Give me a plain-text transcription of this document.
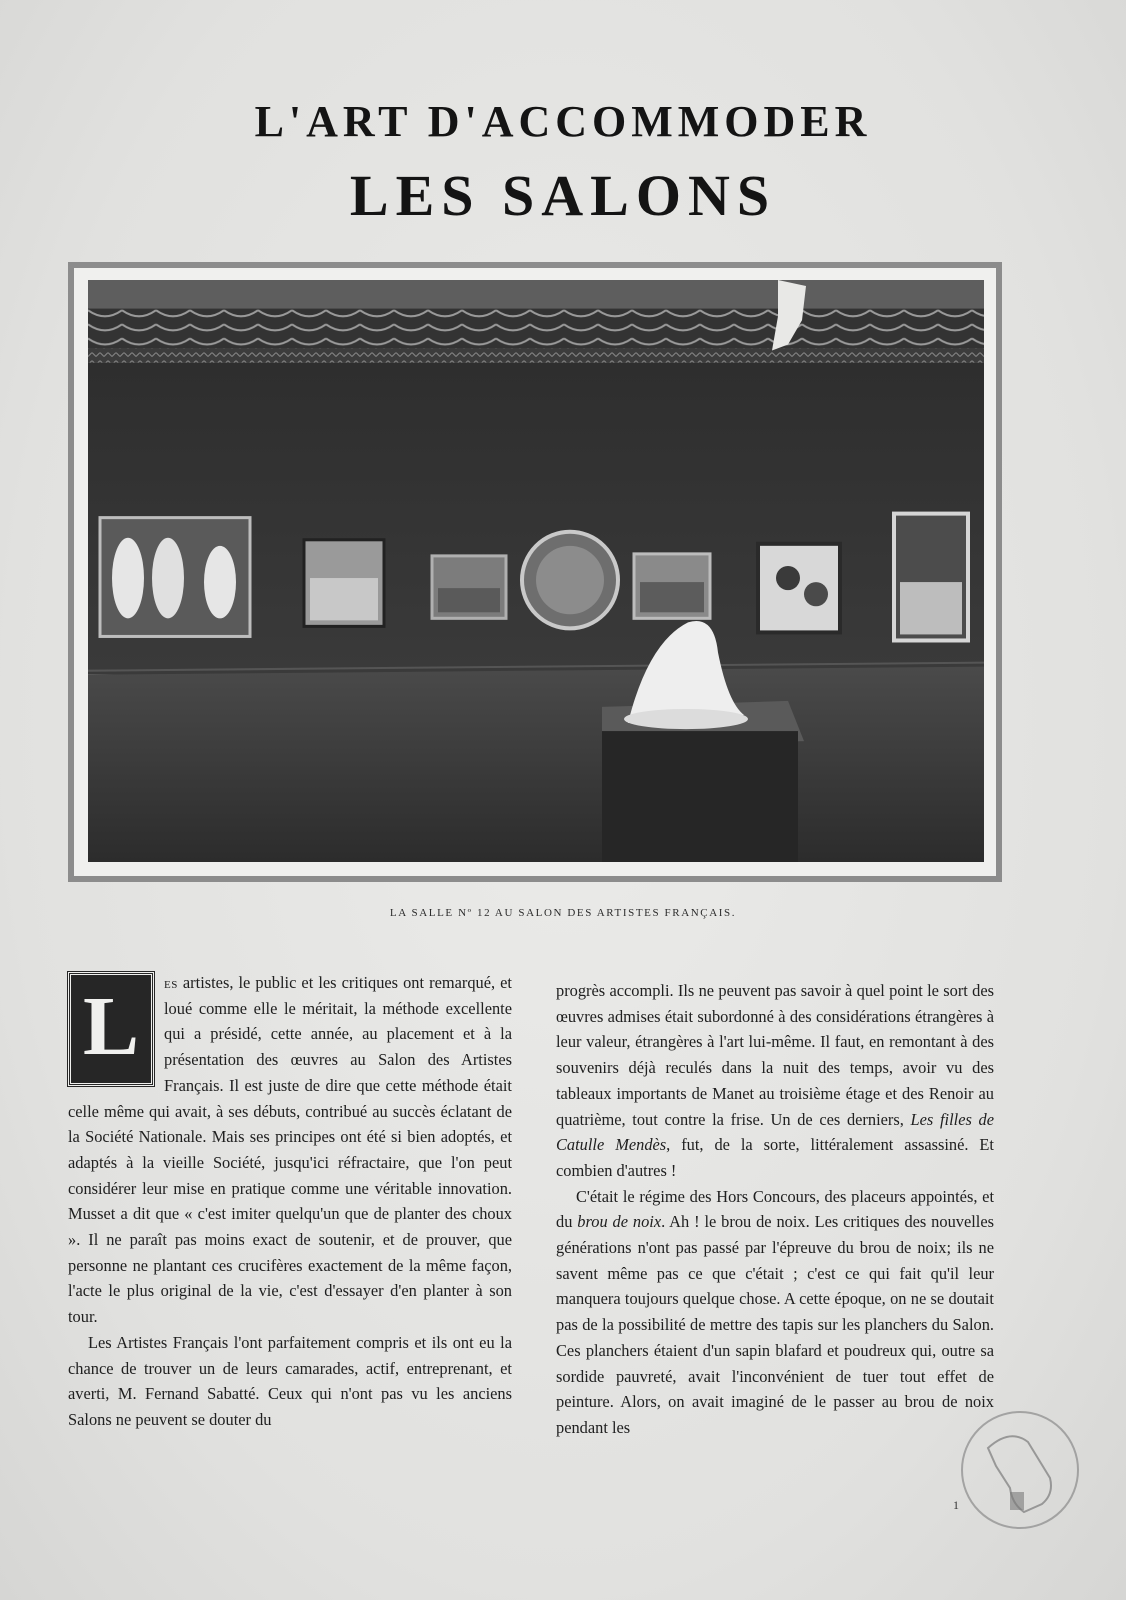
L'ART D'ACCOMMODER
LES SALONS
LA SALLE Nº 12 AU SALON DES ARTISTES FRANÇAIS.
L	es artistes, le public et les critiques ont remarqué, et loué comme elle le méritait, la méthode excellente qui a présidé, cette année, au placement et à la présentation des œuvres au Salon des Artistes Français. Il est juste de dire que cette méthode était celle même qui avait, à ses débuts, contribué au succès éclatant de la Société Nationale. Mais ses principes ont été si bien adoptés, et adaptés à la vieille Société, jusqu'ici réfractaire, que l'on peut considérer leur mise en pratique comme une véritable innovation. Musset a dit que « c'est imiter quelqu'un que de planter des choux ». Il ne paraît pas moins exact de soutenir, et de prouver, que personne ne plantant ces crucifères exactement de la même façon, l'acte le plus original de la vie, c'est d'essayer d'en planter à son tour.

Les Artistes Français l'ont parfaitement compris et ils ont eu la chance de trouver un de leurs camarades, actif, entreprenant, et averti, M. Fernand Sabatté. Ceux qui n'ont pas vu les anciens Salons ne peuvent se douter du

progrès accompli. Ils ne peuvent pas savoir à quel point le sort des œuvres admises était subordonné à des considérations étrangères à leur valeur, étrangères à l'art lui-même. Il faut, en remontant à des souvenirs déjà reculés dans la nuit des temps, avoir vu des tableaux importants de Manet au troisième étage et des Renoir au quatrième, tout contre la frise. Un de ces derniers, Les filles de Catulle Mendès, fut, de la sorte, littéralement assassiné. Et combien d'autres !

C'était le régime des Hors Concours, des placeurs appointés, et du brou de noix. Ah ! le brou de noix. Les critiques des nouvelles générations n'ont pas passé par l'épreuve du brou de noix; ils ne savent même pas ce que c'était ; c'est ce qui fait qu'il leur manquera toujours quelque chose. A cette époque, on ne se doutait pas de la possibilité de mettre des tapis sur les planchers du Salon. Ces planchers étaient d'un sapin blafard et poudreux qui, outre sa sordide pauvreté, avait l'inconvénient de tuer tout effet de peinture. Alors, on avait imaginé de le passer au brou de noix pendant les

1
